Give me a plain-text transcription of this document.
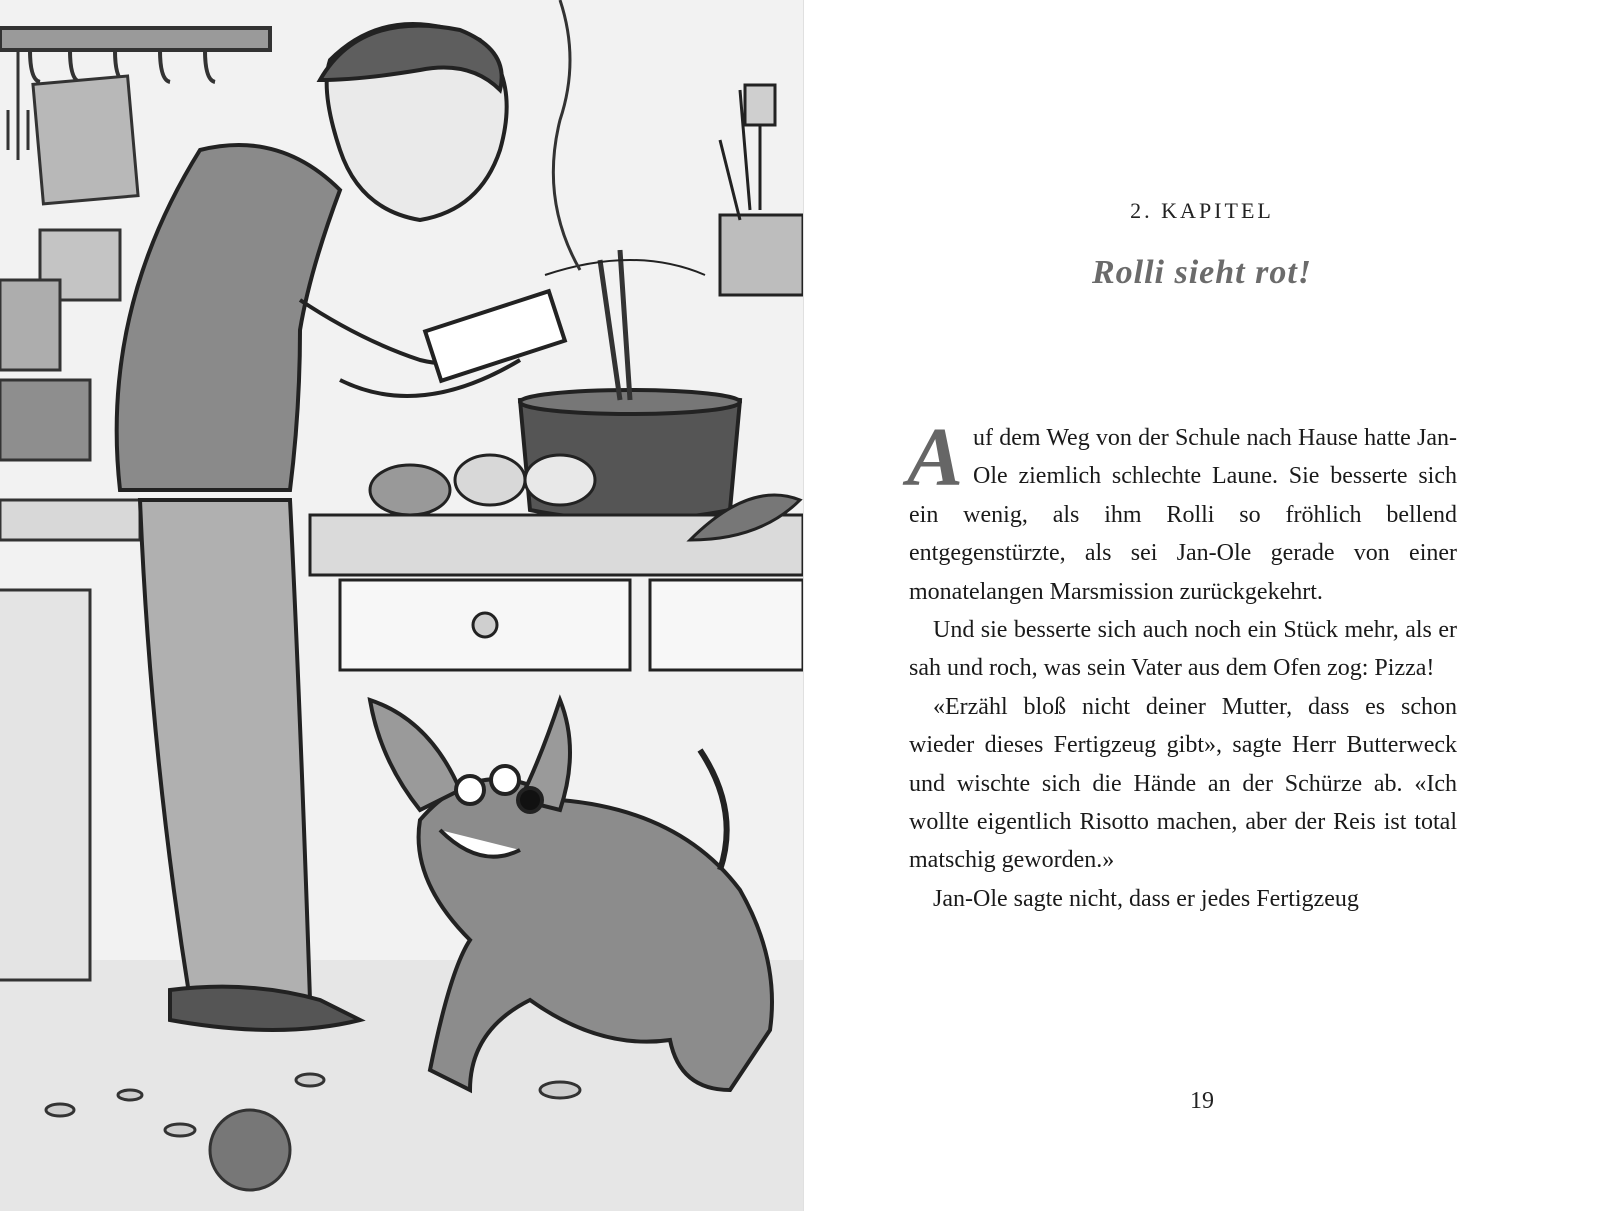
2. KAPITEL
Rolli sieht rot!

Auf dem Weg von der Schule nach Hause hatte Jan-Ole ziemlich schlechte Laune. Sie besserte sich ein wenig, als ihm Rolli so fröhlich bellend entgegenstürzte, als sei Jan-Ole gerade von einer monatelangen Marsmission zurückgekehrt.

Und sie besserte sich auch noch ein Stück mehr, als er sah und roch, was sein Vater aus dem Ofen zog: Pizza!

«Erzähl bloß nicht deiner Mutter, dass es schon wieder dieses Fertigzeug gibt», sagte Herr Butterweck und wischte sich die Hände an der Schürze ab. «Ich wollte eigentlich Risotto machen, aber der Reis ist total matschig geworden.»

Jan-Ole sagte nicht, dass er jedes Fertigzeug

19
